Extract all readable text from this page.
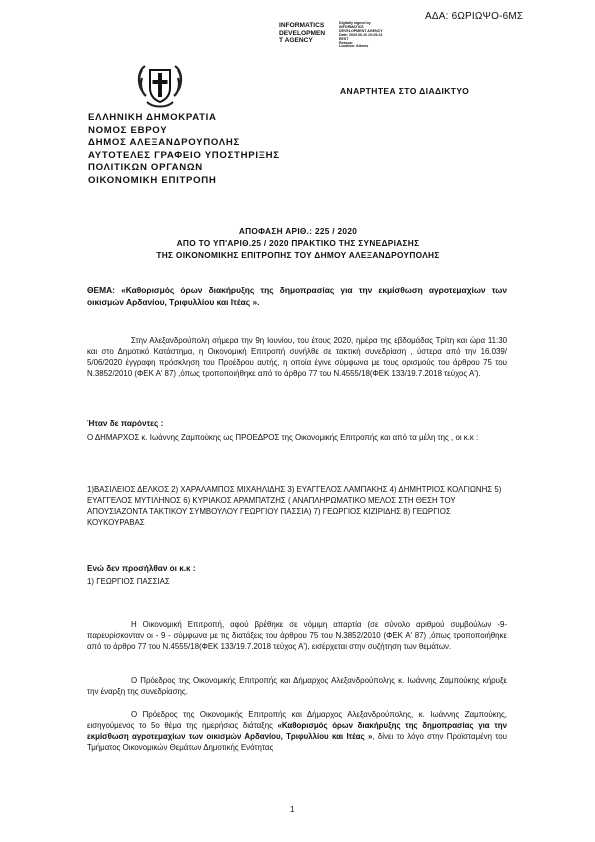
ΑΔΑ: 6ΩΡΙΩΨΟ-6ΜΣ
INFORMATICS
DEVELOPMEN
T AGENCY
Digitally signed by
INFORMATICS
DEVELOPMENT AGENCY
Date: 2020.06.16 10:29:23
EEST
Reason:
Location: Athens
ΑΝΑΡΤΗΤΕΑ ΣΤΟ ΔΙΑΔΙΚΤΥΟ
ΕΛΛΗΝΙΚΗ ΔΗΜΟΚΡΑΤΙΑ
ΝΟΜΟΣ ΕΒΡΟΥ
ΔΗΜΟΣ ΑΛΕΞΑΝΔΡΟΥΠΟΛΗΣ
ΑΥΤΟΤΕΛΕΣ ΓΡΑΦΕΙΟ ΥΠΟΣΤΗΡΙΞΗΣ
ΠΟΛΙΤΙΚΩΝ ΟΡΓΑΝΩΝ
ΟΙΚΟΝΟΜΙΚΗ ΕΠΙΤΡΟΠΗ
ΑΠΟΦΑΣΗ ΑΡΙΘ.: 225 / 2020
ΑΠΟ ΤΟ ΥΠ'ΑΡΙΘ.25 / 2020 ΠΡΑΚΤΙΚΟ ΤΗΣ ΣΥΝΕΔΡΙΑΣΗΣ
ΤΗΣ ΟΙΚΟΝΟΜΙΚΗΣ ΕΠΙΤΡΟΠΗΣ ΤΟΥ ΔΗΜΟΥ ΑΛΕΞΑΝΔΡΟΥΠΟΛΗΣ
ΘΕΜΑ: «Καθορισμός όρων διακήρυξης της δημοπρασίας για την εκμίσθωση αγροτεμαχίων των οικισμών Αρδανίου, Τριφυλλίου και Ιτέας ».
Στην Αλεξανδρούπολη σήμερα την 9η Ιουνίου, του έτους 2020, ημέρα της εβδομάδας Τρίτη και ώρα 11:30 και στο Δημοτικό Κατάστημα, η Οικονομική Επιτροπή συνήλθε σε τακτική συνεδρίαση , ύστερα από την 16.039/ 5/06/2020 έγγραφη πρόσκληση του Προέδρου αυτής, η οποία έγινε σύμφωνα με τους ορισμούς του άρθρου 75 του Ν.3852/2010 (ΦΕΚ Α' 87) ,όπως τροποποιήθηκε από το άρθρο 77 του Ν.4555/18(ΦΕΚ 133/19.7.2018 τεύχος Α').
Ήταν δε παρόντες :
Ο ΔΗΜΑΡΧΟΣ κ. Ιωάννης Ζαμπούκης ως ΠΡΟΕΔΡΟΣ της Οικονομικής Επιτροπής και από τα μέλη της , οι κ.κ :
1)ΒΑΣΙΛΕΙΟΣ ΔΕΛΚΟΣ 2) ΧΑΡΑΛΑΜΠΟΣ ΜΙΧΑΗΛΙΔΗΣ 3) ΕΥΑΓΓΕΛΟΣ ΛΑΜΠΑΚΗΣ 4) ΔΗΜΗΤΡΙΟΣ ΚΟΛΓΙΩΝΗΣ 5) ΕΥΑΓΓΕΛΟΣ ΜΥΤΙΛΗΝΟΣ 6) ΚΥΡΙΑΚΟΣ ΑΡΑΜΠΑΤΖΗΣ ( ΑΝΑΠΛΗΡΩΜΑΤΙΚΟ ΜΕΛΟΣ ΣΤΗ ΘΕΣΗ ΤΟΥ ΑΠΟΥΣΙΑΖΟΝΤΑ ΤΑΚΤΙΚΟΥ ΣΥΜΒΟΥΛΟΥ ΓΕΩΡΓΙΟΥ ΠΑΣΣΙΑ) 7) ΓΕΩΡΓΙΟΣ ΚΙΖΙΡΙΔΗΣ 8) ΓΕΩΡΓΙΟΣ ΚΟΥΚΟΥΡΑΒΑΣ
Ενώ δεν προσήλθαν οι κ.κ :
1) ΓΕΩΡΓΙΟΣ ΠΑΣΣΙΑΣ
Η Οικονομική Επιτροπή, αφού βρέθηκε σε νόμιμη απαρτία (σε σύνολο αριθμού συμβούλων -9- παρευρίσκονταν οι - 9 - σύμφωνα με τις διατάξεις του άρθρου 75 του Ν.3852/2010 (ΦΕΚ Α' 87) ,όπως τροποποιήθηκε από το άρθρο 77 του Ν.4555/18(ΦΕΚ 133/19.7.2018 τεύχος Α'), εισέρχεται στην συζήτηση των θεμάτων.
Ο Πρόεδρος της Οικονομικής Επιτροπής και Δήμαρχος Αλεξανδρούπολης κ. Ιωάννης Ζαμπούκης κήρυξε την έναρξη της συνεδρίασης.
Ο Πρόεδρος της Οικονομικής Επιτροπής και Δήμαρχος Αλεξανδρούπολης, κ. Ιωάννης Ζαμπούκης, εισηγούμενος το 5ο θέμα της ημερήσιας διάταξης «Καθορισμός όρων διακήρυξης της δημοπρασίας για την εκμίσθωση αγροτεμαχίων των οικισμών Αρδανίου, Τριφυλλίου και Ιτέας », δίνει το λόγο στην Προϊσταμένη του Τμήματος Οικονομικών Θεμάτων Δημοτικής Ενότητας
1
